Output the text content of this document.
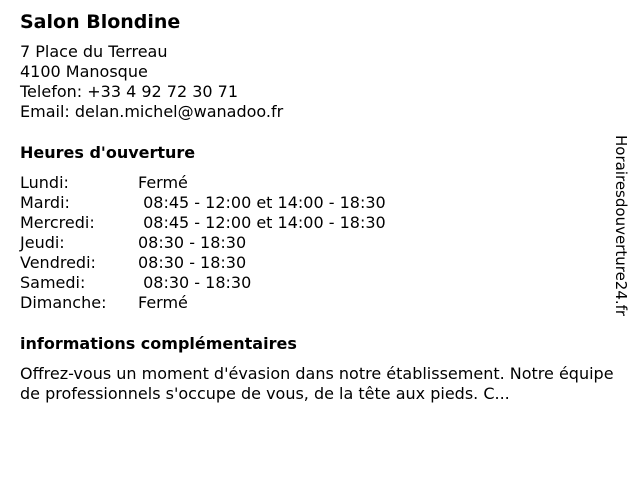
Salon Blondine
7 Place du Terreau
4100 Manosque
Telefon: +33 4 92 72 30 71
Email: delan.michel@wanadoo.fr
Heures d'ouverture
Lundi:	Fermé
Mardi:	08:45 - 12:00 et 14:00 - 18:30
Mercredi:	08:45 - 12:00 et 14:00 - 18:30
Jeudi:	08:30 - 18:30
Vendredi:	08:30 - 18:30
Samedi:	08:30 - 18:30
Dimanche:	Fermé
informations complémentaires
Offrez-vous un moment d'évasion dans notre établissement. Notre équipe de professionnels s'occupe de vous, de la tête aux pieds. C...
Horairesdouverture24.fr
